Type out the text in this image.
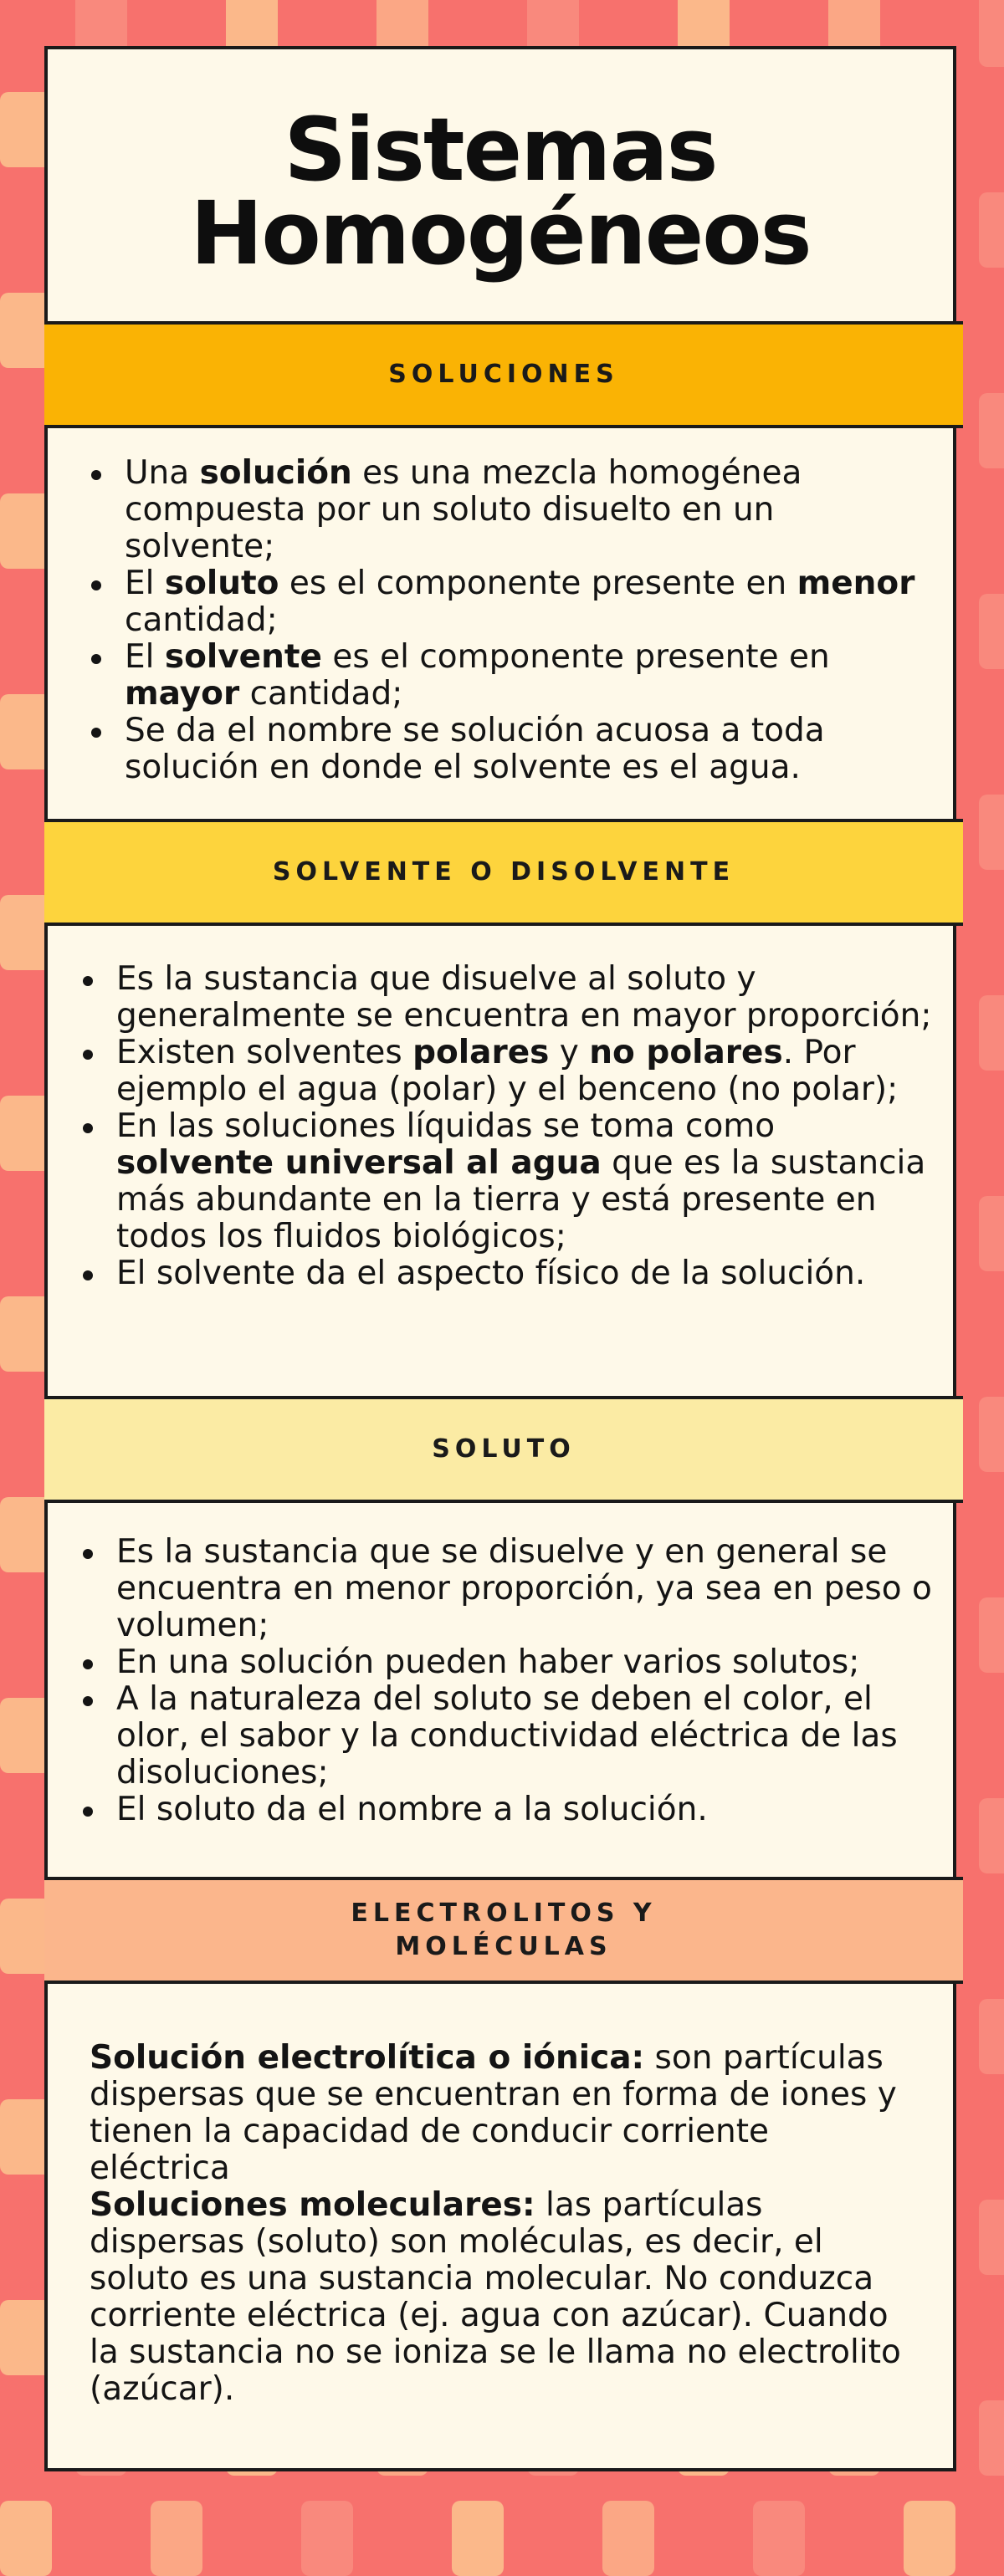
Sistemas
Homogéneos
SOLUCIONES
Una solución es una mezcla homogénea compuesta por un soluto disuelto en un solvente;
El soluto es el componente presente en menor cantidad;
El solvente es el componente presente en mayor cantidad;
Se da el nombre se solución acuosa a toda solución en donde el solvente es el agua.
SOLVENTE O DISOLVENTE
Es la sustancia que disuelve al soluto y generalmente se encuentra en mayor proporción;
Existen solventes polares y no polares. Por ejemplo el agua (polar) y el benceno (no polar);
En las soluciones líquidas se toma como solvente universal al agua que es la sustancia más abundante en la tierra y está presente en todos los fluidos biológicos;
El solvente da el aspecto físico de la solución.
SOLUTO
Es la sustancia que se disuelve y en general se encuentra en menor proporción, ya sea en peso o volumen;
En una solución pueden haber varios solutos;
A la naturaleza del soluto se deben el color, el olor, el sabor y la conductividad eléctrica de las disoluciones;
El soluto da el nombre a la solución.
ELECTROLITOS Y
MOLÉCULAS

Solución electrolítica o iónica: son partículas dispersas que se encuentran en forma de iones y tienen la capacidad de conducir corriente eléctrica

Soluciones moleculares: las partículas dispersas (soluto) son moléculas, es decir, el soluto es una sustancia molecular. No conduzca corriente eléctrica (ej. agua con azúcar). Cuando la sustancia no se ioniza se le llama no electrolito (azúcar).
